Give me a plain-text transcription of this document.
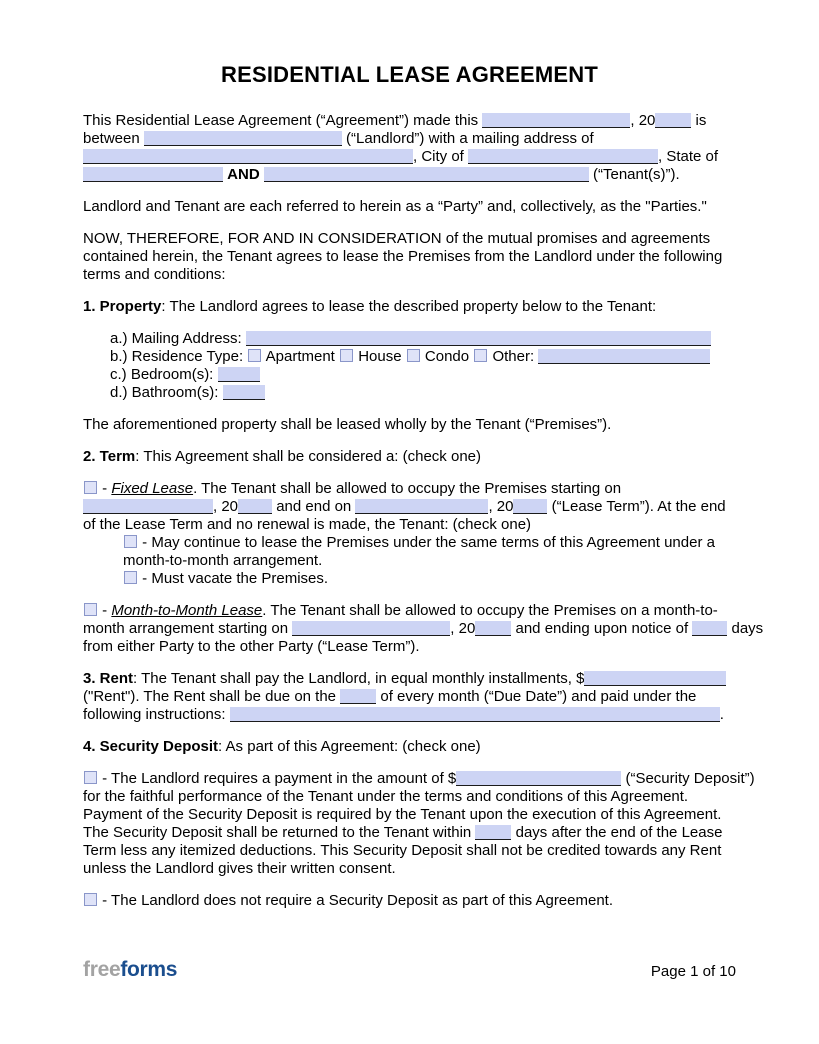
RESIDENTIAL LEASE AGREEMENT
This Residential Lease Agreement (“Agreement”) made this	, 20 is
between	(“Landlord”) with a mailing address of
, City of	, State of
AND	(“Tenant(s)”).
Landlord and Tenant are each referred to herein as a “Party” and, collectively, as the "Parties."
NOW, THEREFORE, FOR AND IN CONSIDERATION of the mutual promises and agreements
contained herein, the Tenant agrees to lease the Premises from the Landlord under the following
terms and conditions:
1. Property: The Landlord agrees to lease the described property below to the Tenant:
a.) Mailing Address:
b.) Residence Type:  Apartment  House  Condo  Other:
c.) Bedroom(s):
d.) Bathroom(s):
The aforementioned property shall be leased wholly by the Tenant (“Premises”).
2. Term: This Agreement shall be considered a: (check one)
- Fixed Lease. The Tenant shall be allowed to occupy the Premises starting on
, 20 and end on	, 20 (“Lease Term”). At the end
of the Lease Term and no renewal is made, the Tenant: (check one)
- May continue to lease the Premises under the same terms of this Agreement under a
month-to-month arrangement.
- Must vacate the Premises.
- Month-to-Month Lease. The Tenant shall be allowed to occupy the Premises on a month-to-
month arrangement starting on	, 20 and ending upon notice of  days
from either Party to the other Party (“Lease Term”).
3. Rent: The Tenant shall pay the Landlord, in equal monthly installments, $
("Rent"). The Rent shall be due on the  of every month (“Due Date”) and paid under the
following instructions:	.
4. Security Deposit: As part of this Agreement: (check one)
- The Landlord requires a payment in the amount of $	(“Security Deposit”)
for the faithful performance of the Tenant under the terms and conditions of this Agreement.
Payment of the Security Deposit is required by the Tenant upon the execution of this Agreement.
The Security Deposit shall be returned to the Tenant within  days after the end of the Lease
Term less any itemized deductions. This Security Deposit shall not be credited towards any Rent
unless the Landlord gives their written consent.
- The Landlord does not require a Security Deposit as part of this Agreement.
freeforms	Page 1 of 10
